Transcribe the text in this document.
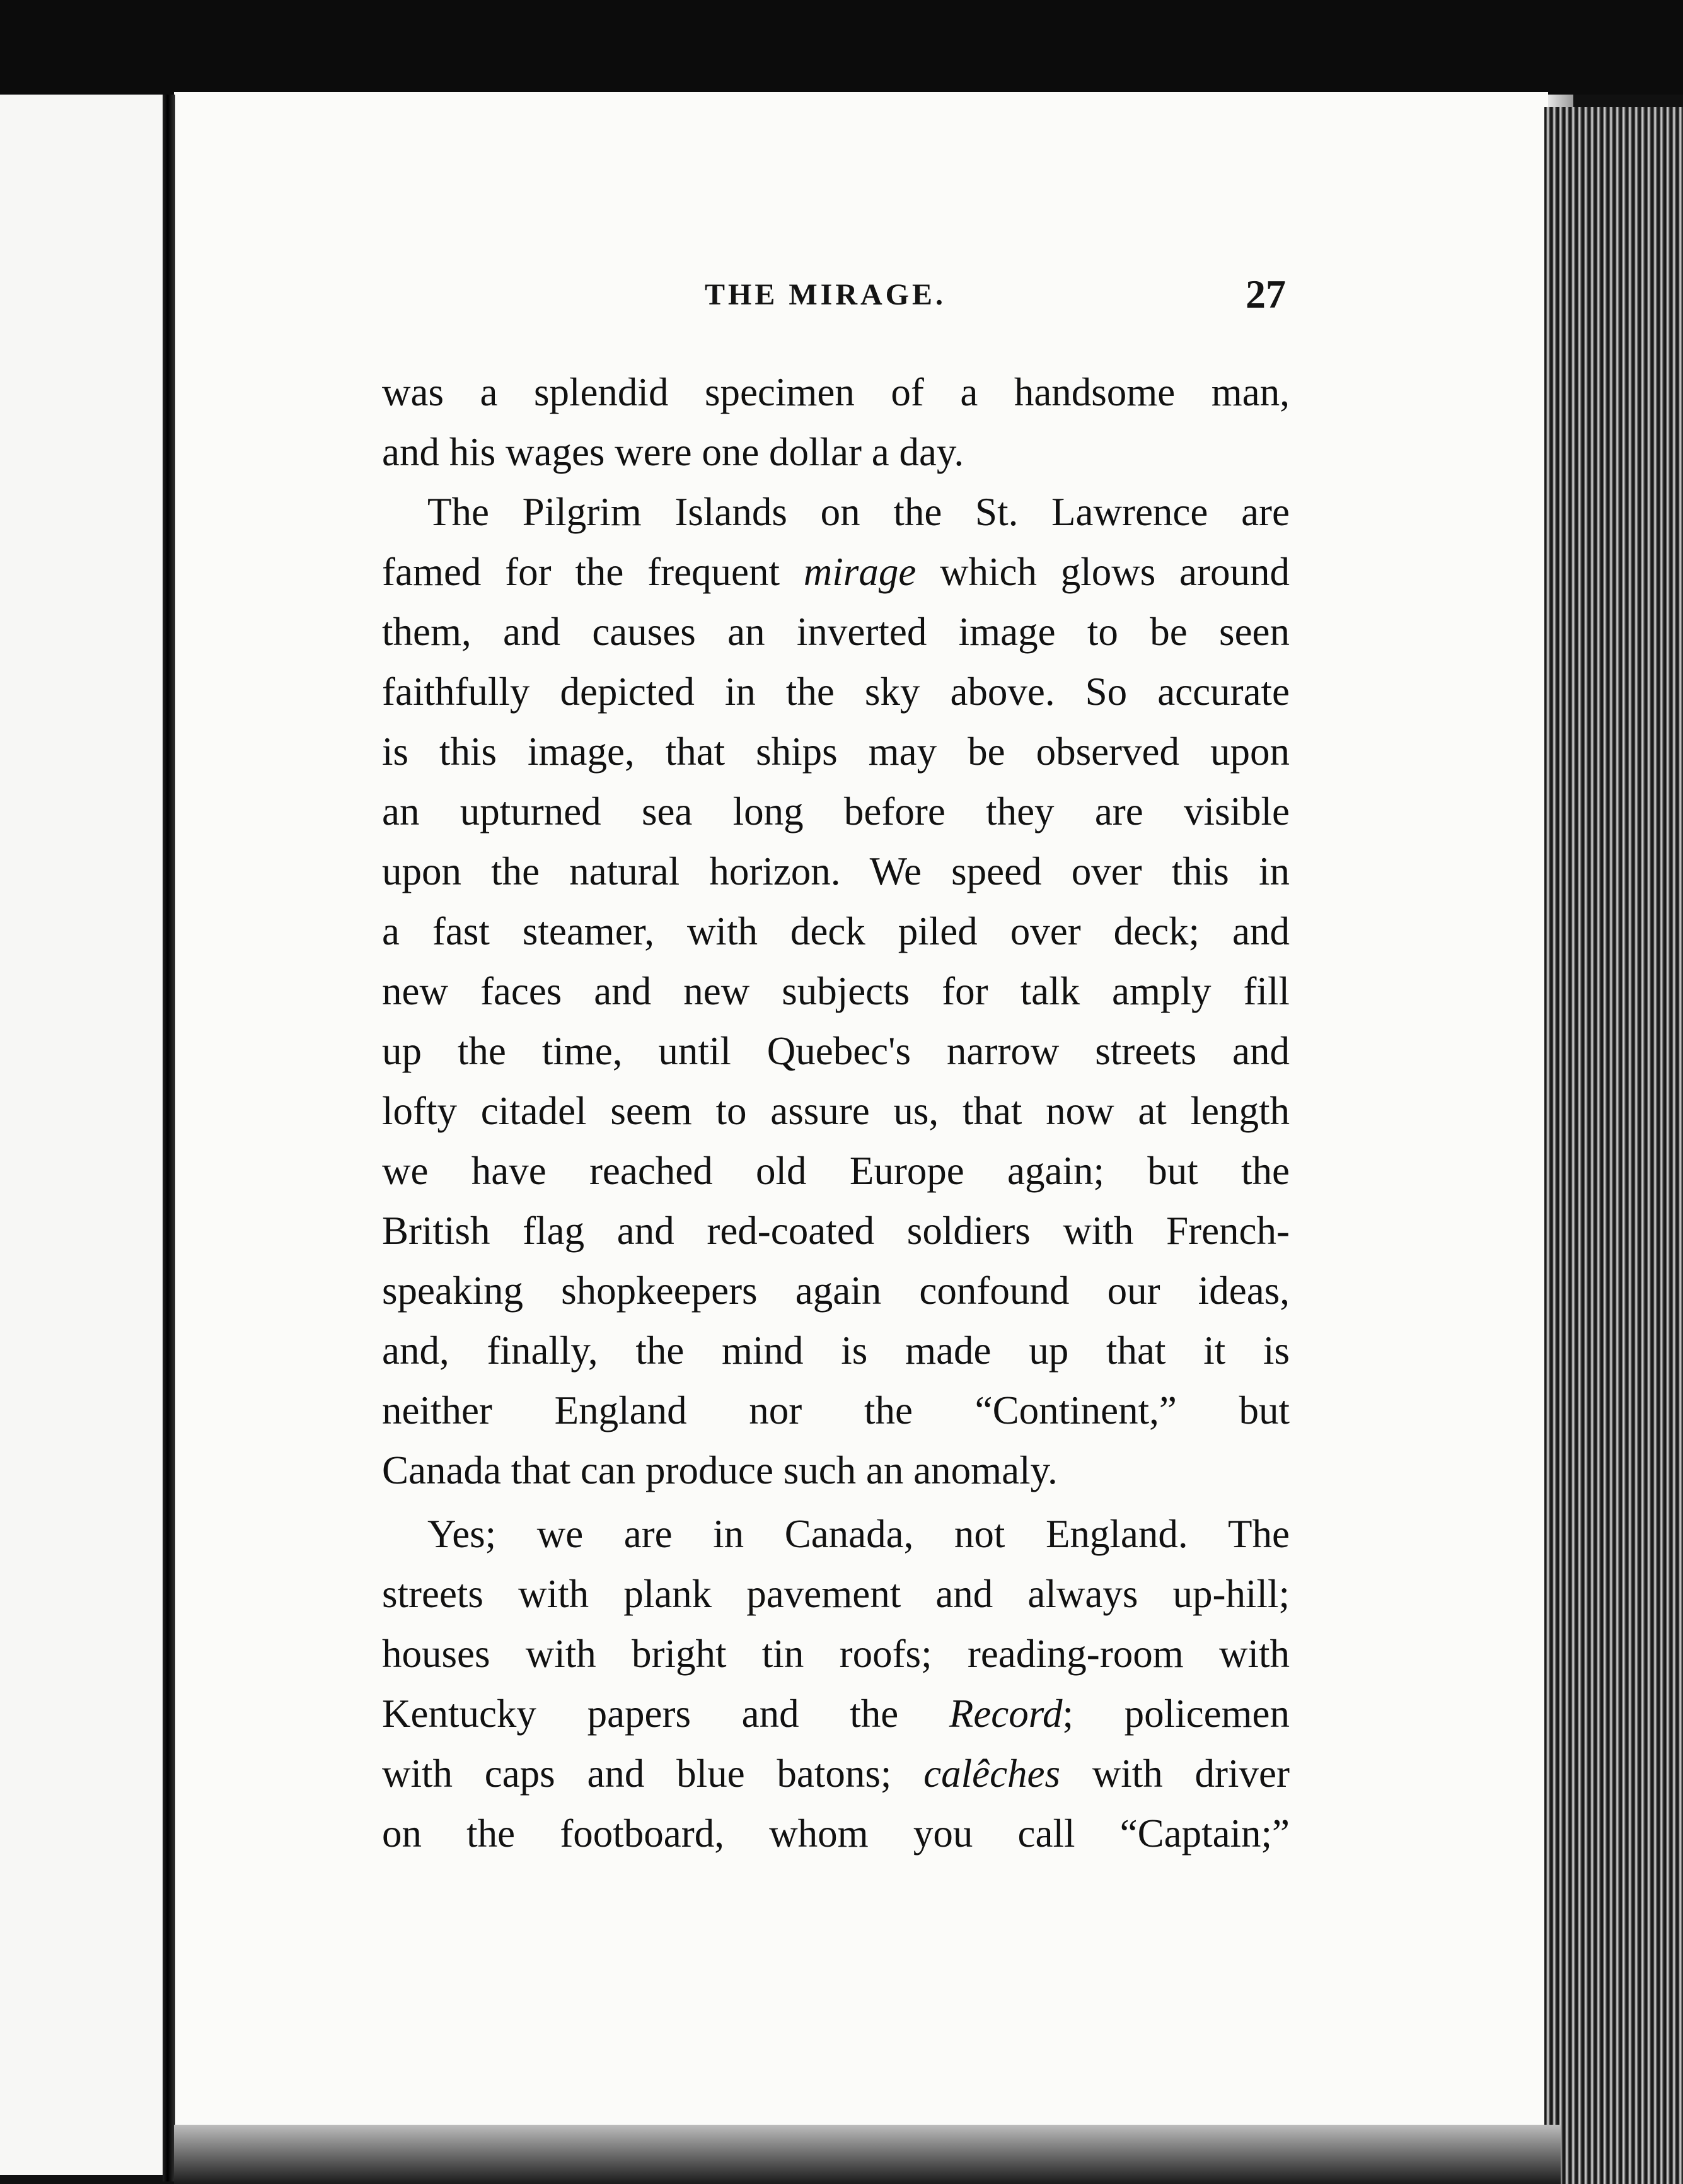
THE MIRAGE.	27
was a splendid specimen of a handsome man,
and his wages were one dollar a day.
The Pilgrim Islands on the St. Lawrence are
famed for the frequent mirage which glows around
them, and causes an inverted image to be seen
faithfully depicted in the sky above. So accurate
is this image, that ships may be observed upon
an upturned sea long before they are visible
upon the natural horizon. We speed over this in
a fast steamer, with deck piled over deck; and
new faces and new subjects for talk amply fill
up the time, until Quebec's narrow streets and
lofty citadel seem to assure us, that now at length
we have reached old Europe again; but the
British flag and red-coated soldiers with French-
speaking shopkeepers again confound our ideas,
and, finally, the mind is made up that it is
neither England nor the “Continent,” but
Canada that can produce such an anomaly.
Yes; we are in Canada, not England. The
streets with plank pavement and always up-hill;
houses with bright tin roofs; reading-room with
Kentucky papers and the Record; policemen
with caps and blue batons; calêches with driver
on the footboard, whom you call “Captain;”
